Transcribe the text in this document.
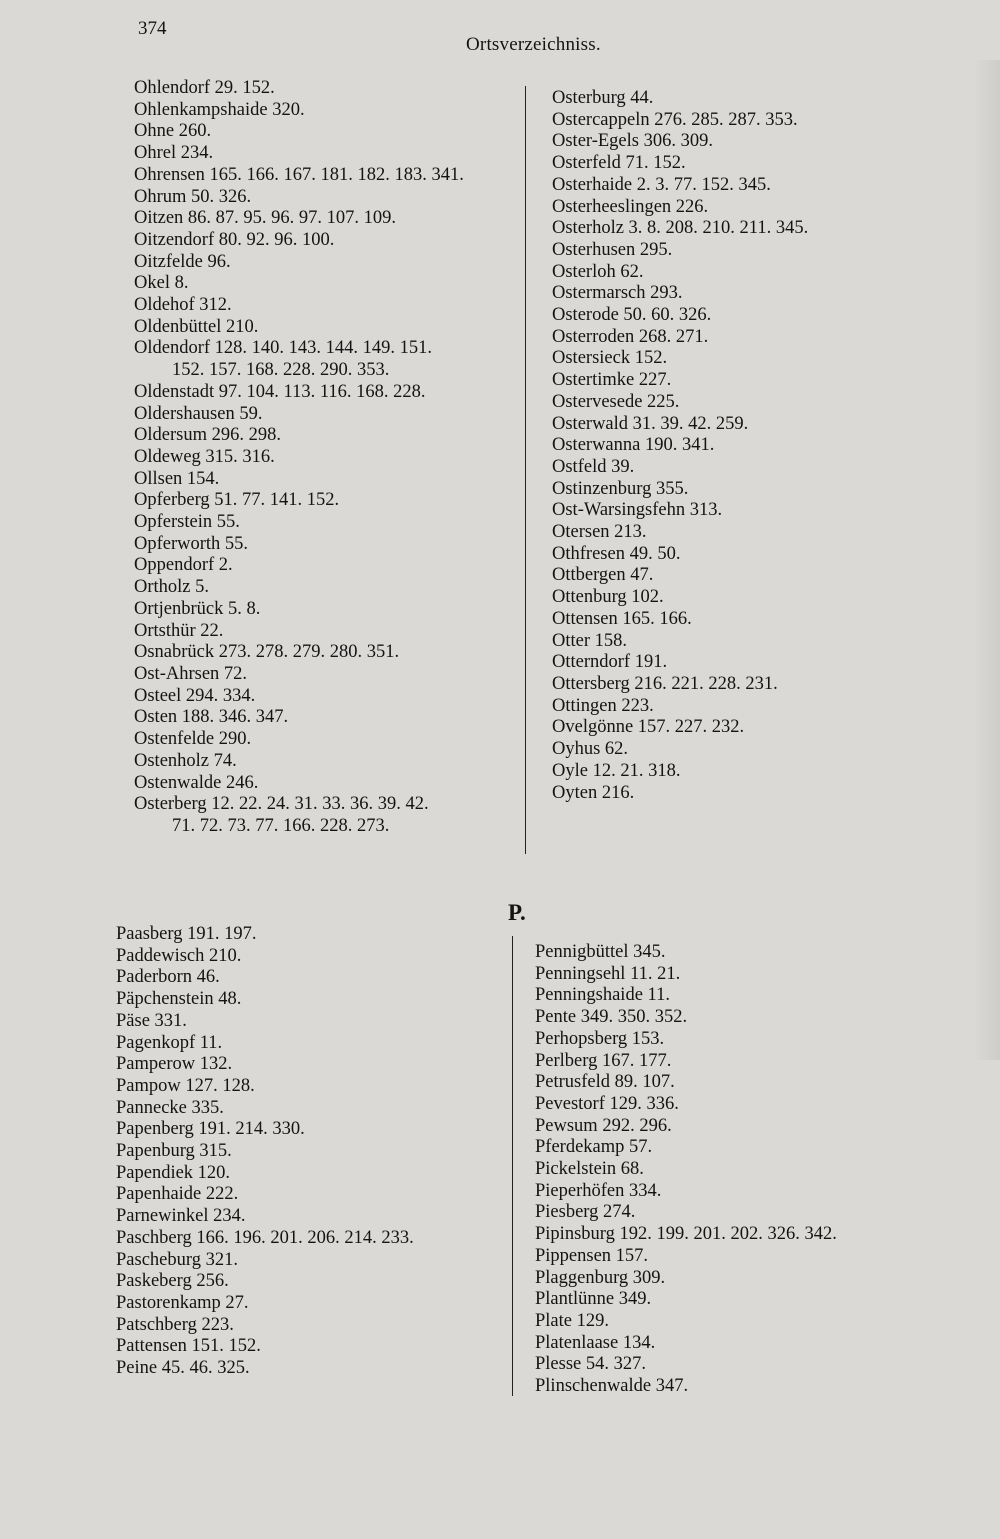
374
Ortsverzeichniss.
Ohlendorf 29. 152.
Ohlenkampshaide 320.
Ohne 260.
Ohrel 234.
Ohrensen 165. 166. 167. 181. 182. 183. 341.
Ohrum 50. 326.
Oitzen 86. 87. 95. 96. 97. 107. 109.
Oitzendorf 80. 92. 96. 100.
Oitzfelde 96.
Okel 8.
Oldehof 312.
Oldenbüttel 210.
Oldendorf 128. 140. 143. 144. 149. 151.
152. 157. 168. 228. 290. 353.
Oldenstadt 97. 104. 113. 116. 168. 228.
Oldershausen 59.
Oldersum 296. 298.
Oldeweg 315. 316.
Ollsen 154.
Opferberg 51. 77. 141. 152.
Opferstein 55.
Opferworth 55.
Oppendorf 2.
Ortholz 5.
Ortjenbrück 5. 8.
Ortsthür 22.
Osnabrück 273. 278. 279. 280. 351.
Ost-Ahrsen 72.
Osteel 294. 334.
Osten 188. 346. 347.
Ostenfelde 290.
Ostenholz 74.
Ostenwalde 246.
Osterberg 12. 22. 24. 31. 33. 36. 39. 42.
71. 72. 73. 77. 166. 228. 273.
Osterburg 44.
Ostercappeln 276. 285. 287. 353.
Oster-Egels 306. 309.
Osterfeld 71. 152.
Osterhaide 2. 3. 77. 152. 345.
Osterheeslingen 226.
Osterholz 3. 8. 208. 210. 211. 345.
Osterhusen 295.
Osterloh 62.
Ostermarsch 293.
Osterode 50. 60. 326.
Osterroden 268. 271.
Ostersieck 152.
Ostertimke 227.
Ostervesede 225.
Osterwald 31. 39. 42. 259.
Osterwanna 190. 341.
Ostfeld 39.
Ostinzenburg 355.
Ost-Warsingsfehn 313.
Otersen 213.
Othfresen 49. 50.
Ottbergen 47.
Ottenburg 102.
Ottensen 165. 166.
Otter 158.
Otterndorf 191.
Ottersberg 216. 221. 228. 231.
Ottingen 223.
Ovelgönne 157. 227. 232.
Oyhus 62.
Oyle 12. 21. 318.
Oyten 216.
P.
Paasberg 191. 197.
Paddewisch 210.
Paderborn 46.
Päpchenstein 48.
Päse 331.
Pagenkopf 11.
Pamperow 132.
Pampow 127. 128.
Pannecke 335.
Papenberg 191. 214. 330.
Papenburg 315.
Papendiek 120.
Papenhaide 222.
Parnewinkel 234.
Paschberg 166. 196. 201. 206. 214. 233.
Pascheburg 321.
Paskeberg 256.
Pastorenkamp 27.
Patschberg 223.
Pattensen 151. 152.
Peine 45. 46. 325.
Pennigbüttel 345.
Penningsehl 11. 21.
Penningshaide 11.
Pente 349. 350. 352.
Perhopsberg 153.
Perlberg 167. 177.
Petrusfeld 89. 107.
Pevestorf 129. 336.
Pewsum 292. 296.
Pferdekamp 57.
Pickelstein 68.
Pieperhöfen 334.
Piesberg 274.
Pipinsburg 192. 199. 201. 202. 326. 342.
Pippensen 157.
Plaggenburg 309.
Plantlünne 349.
Plate 129.
Platenlaase 134.
Plesse 54. 327.
Plinschenwalde 347.
